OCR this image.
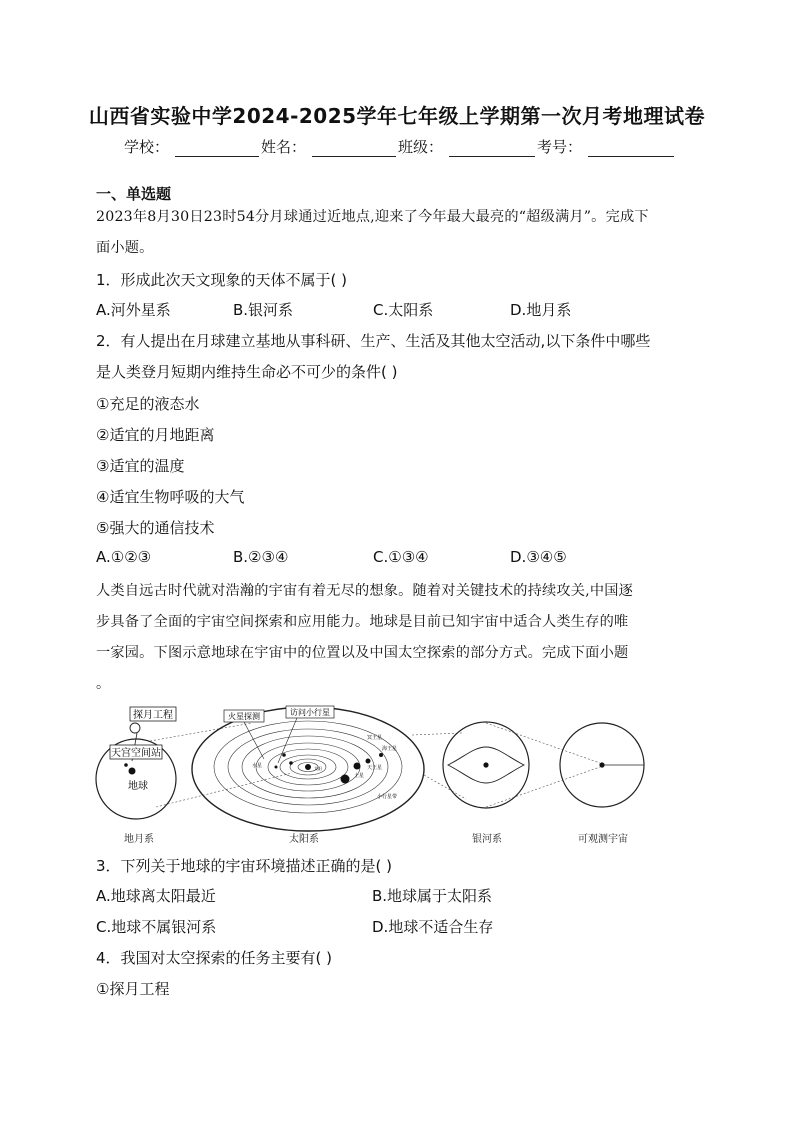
山西省实验中学2024-2025学年七年级上学期第一次月考地理试卷
学校：	姓名：	班级：	考号：
一、单选题
2023年8月30日23时54分月球通过近地点,迎来了今年最大最亮的“超级满月”。完成下
面小题。
1．形成此次天文现象的天体不属于( )
A.河外星系	B.银河系	C.太阳系	D.地月系
2．有人提出在月球建立基地从事科研、生产、生活及其他太空活动,以下条件中哪些
是人类登月短期内维持生命必不可少的条件( )
①充足的液态水
②适宜的月地距离
③适宜的温度
④适宜生物呼吸的大气
⑤强大的通信技术
A.①②③	B.②③④	C.①③④	D.③④⑤
人类自远古时代就对浩瀚的宇宙有着无尽的想象。随着对关键技术的持续攻关,中国逐
步具备了全面的宇宙空间探索和应用能力。地球是目前已知宇宙中适合人类生存的唯
一家园。下图示意地球在宇宙中的位置以及中国太空探索的部分方式。完成下面小题
。
探月工程
天宫空间站
地球
太阳
海王星
天王星
土星
冥王星
水星
小行星带
火星探测	访问小行星
地月系	太阳系	银河系	可观测宇宙
3．下列关于地球的宇宙环境描述正确的是( )
A.地球离太阳最近	B.地球属于太阳系
C.地球不属银河系	D.地球不适合生存
4．我国对太空探索的任务主要有( )
①探月工程
